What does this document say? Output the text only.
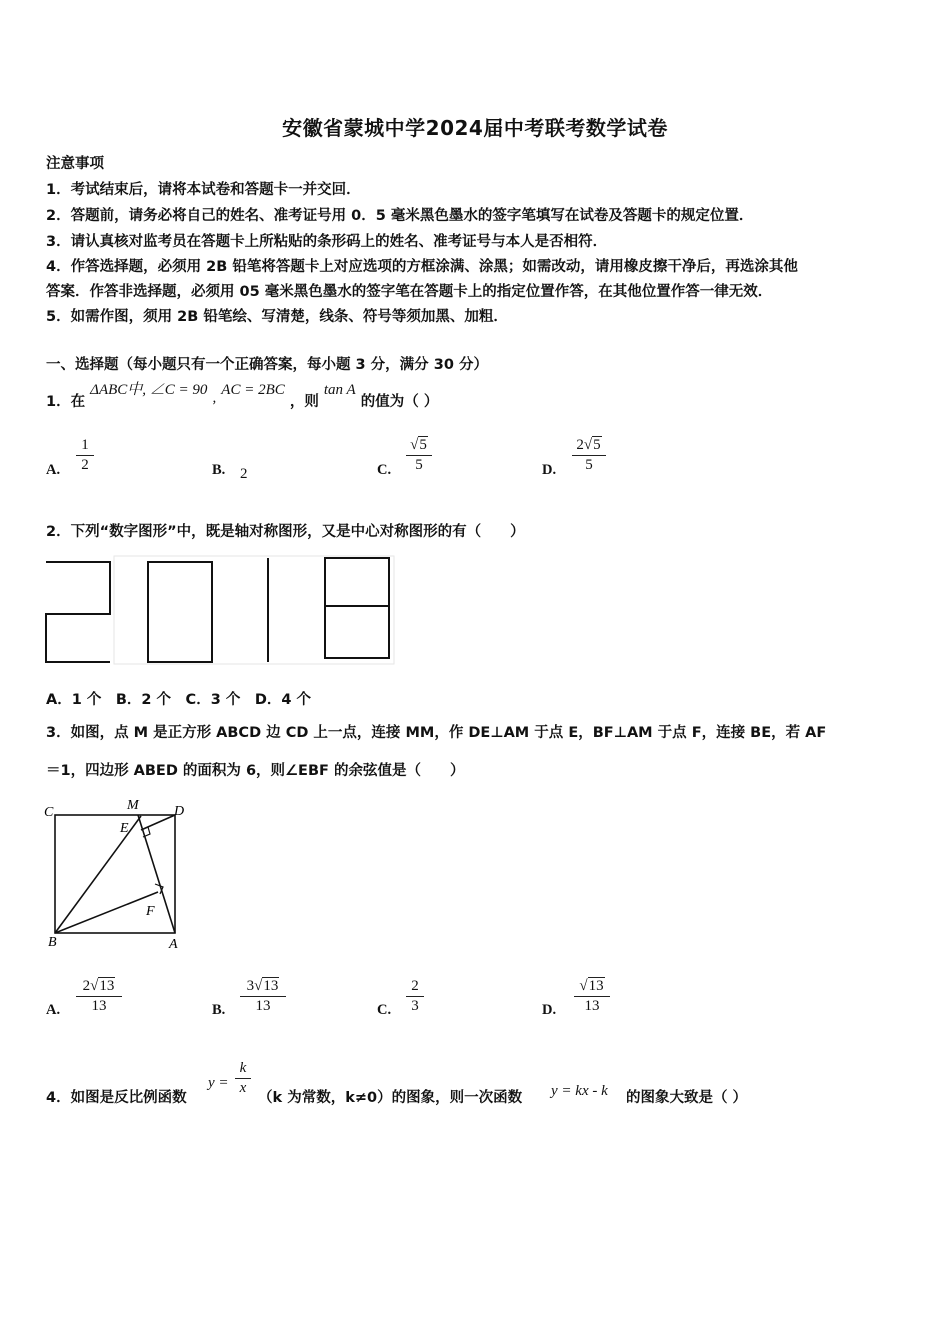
安徽省蒙城中学2024届中考联考数学试卷
注意事项
1．考试结束后，请将本试卷和答题卡一并交回．
2．答题前，请务必将自己的姓名、准考证号用 0．5 毫米黑色墨水的签字笔填写在试卷及答题卡的规定位置．
3．请认真核对监考员在答题卡上所粘贴的条形码上的姓名、准考证号与本人是否相符．
4．作答选择题，必须用 2B 铅笔将答题卡上对应选项的方框涂满、涂黑；如需改动，请用橡皮擦干净后，再选涂其他
答案．作答非选择题，必须用 05 毫米黑色墨水的签字笔在答题卡上的指定位置作答，在其他位置作答一律无效．
5．如需作图，须用 2B 铅笔绘、写清楚，线条、符号等须加黑、加粗．
一、选择题（每小题只有一个正确答案，每小题 3 分，满分 30 分）
1．在 ΔABC中, ∠C = 90 , AC = 2BC ，则 tan A 的值为（ ）
A.
1
2	B. 2	C.
√5
5	D.
2√5
5
2．下列“数字图形”中，既是轴对称图形，又是中心对称图形的有（　　）
A．1 个　B．2 个　C．3 个　D．4 个
3．如图，点 M 是正方形 ABCD 边 CD 上一点，连接 MM，作 DE⊥AM 于点 E，BF⊥AM 于点 F，连接 BE，若 AF
＝1，四边形 ABED 的面积为 6，则∠EBF 的余弦值是（　　）
C	M	D
E
F
B	A
A.
2√13
13	B.
3√13
13	C.
2
3	D.
√13
13
4．如图是反比例函数
y =
k
x
（k 为常数，k≠0）的图象，则一次函数 y = kx - k 的图象大致是（ ）
